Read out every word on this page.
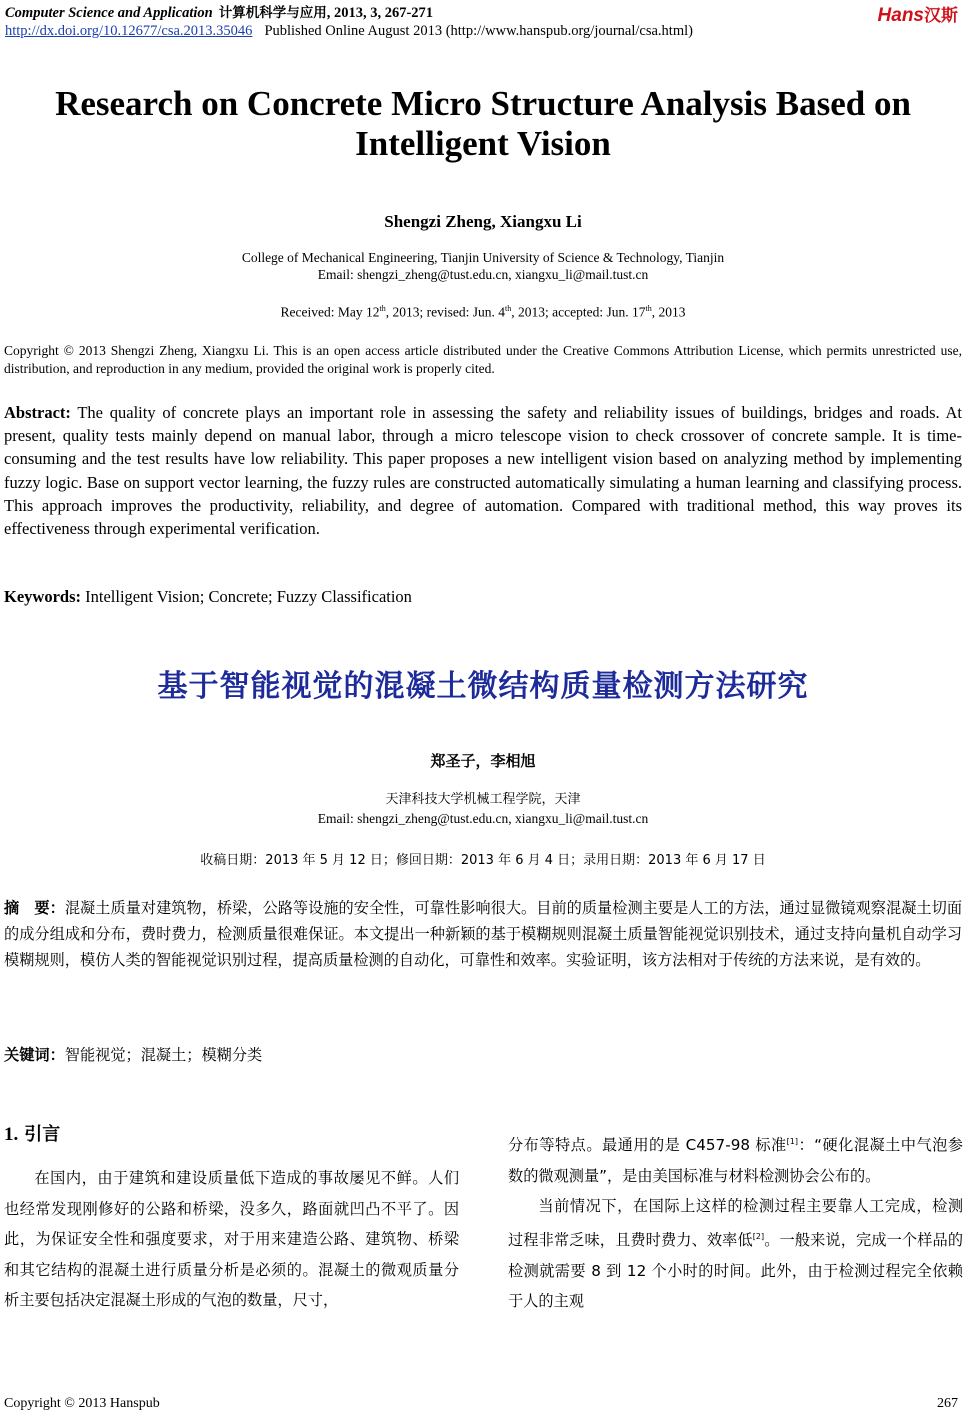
Computer Science and Application 计算机科学与应用, 2013, 3, 267-271
http://dx.doi.org/10.12677/csa.2013.35046 Published Online August 2013 (http://www.hanspub.org/journal/csa.html)
Hans汉斯
Research on Concrete Micro Structure Analysis Based on Intelligent Vision
Shengzi Zheng, Xiangxu Li
College of Mechanical Engineering, Tianjin University of Science & Technology, Tianjin
Email: shengzi_zheng@tust.edu.cn, xiangxu_li@mail.tust.cn
Received: May 12th, 2013; revised: Jun. 4th, 2013; accepted: Jun. 17th, 2013
Copyright © 2013 Shengzi Zheng, Xiangxu Li. This is an open access article distributed under the Creative Commons Attribution License, which permits unrestricted use, distribution, and reproduction in any medium, provided the original work is properly cited.
Abstract: The quality of concrete plays an important role in assessing the safety and reliability issues of buildings, bridges and roads. At present, quality tests mainly depend on manual labor, through a micro telescope vision to check crossover of concrete sample. It is time-consuming and the test results have low reliability. This paper proposes a new intelligent vision based on analyzing method by implementing fuzzy logic. Base on support vector learning, the fuzzy rules are constructed automatically simulating a human learning and classifying process. This approach improves the productivity, reliability, and degree of automation. Compared with traditional method, this way proves its effectiveness through experimental verification.
Keywords: Intelligent Vision; Concrete; Fuzzy Classification
基于智能视觉的混凝土微结构质量检测方法研究
郑圣子，李相旭
天津科技大学机械工程学院，天津
Email: shengzi_zheng@tust.edu.cn, xiangxu_li@mail.tust.cn
收稿日期：2013 年 5 月 12 日；修回日期：2013 年 6 月 4 日；录用日期：2013 年 6 月 17 日
摘　要：混凝土质量对建筑物，桥梁，公路等设施的安全性，可靠性影响很大。目前的质量检测主要是人工的方法，通过显微镜观察混凝土切面的成分组成和分布，费时费力，检测质量很难保证。本文提出一种新颖的基于模糊规则混凝土质量智能视觉识别技术，通过支持向量机自动学习模糊规则，模仿人类的智能视觉识别过程，提高质量检测的自动化，可靠性和效率。实验证明，该方法相对于传统的方法来说，是有效的。
关键词：智能视觉；混凝土；模糊分类
1. 引言

在国内，由于建筑和建设质量低下造成的事故屡见不鲜。人们也经常发现刚修好的公路和桥梁，没多久，路面就凹凸不平了。因此，为保证安全性和强度要求，对于用来建造公路、建筑物、桥梁和其它结构的混凝土进行质量分析是必须的。混凝土的微观质量分析主要包括决定混凝土形成的气泡的数量，尺寸，

分布等特点。最通用的是 C457-98 标准[1]：“硬化混凝土中气泡参数的微观测量”，是由美国标准与材料检测协会公布的。

当前情况下，在国际上这样的检测过程主要靠人工完成，检测过程非常乏味，且费时费力、效率低[2]。一般来说，完成一个样品的检测就需要 8 到 12 个小时的时间。此外，由于检测过程完全依赖于人的主观

Copyright © 2013 Hanspub	267
